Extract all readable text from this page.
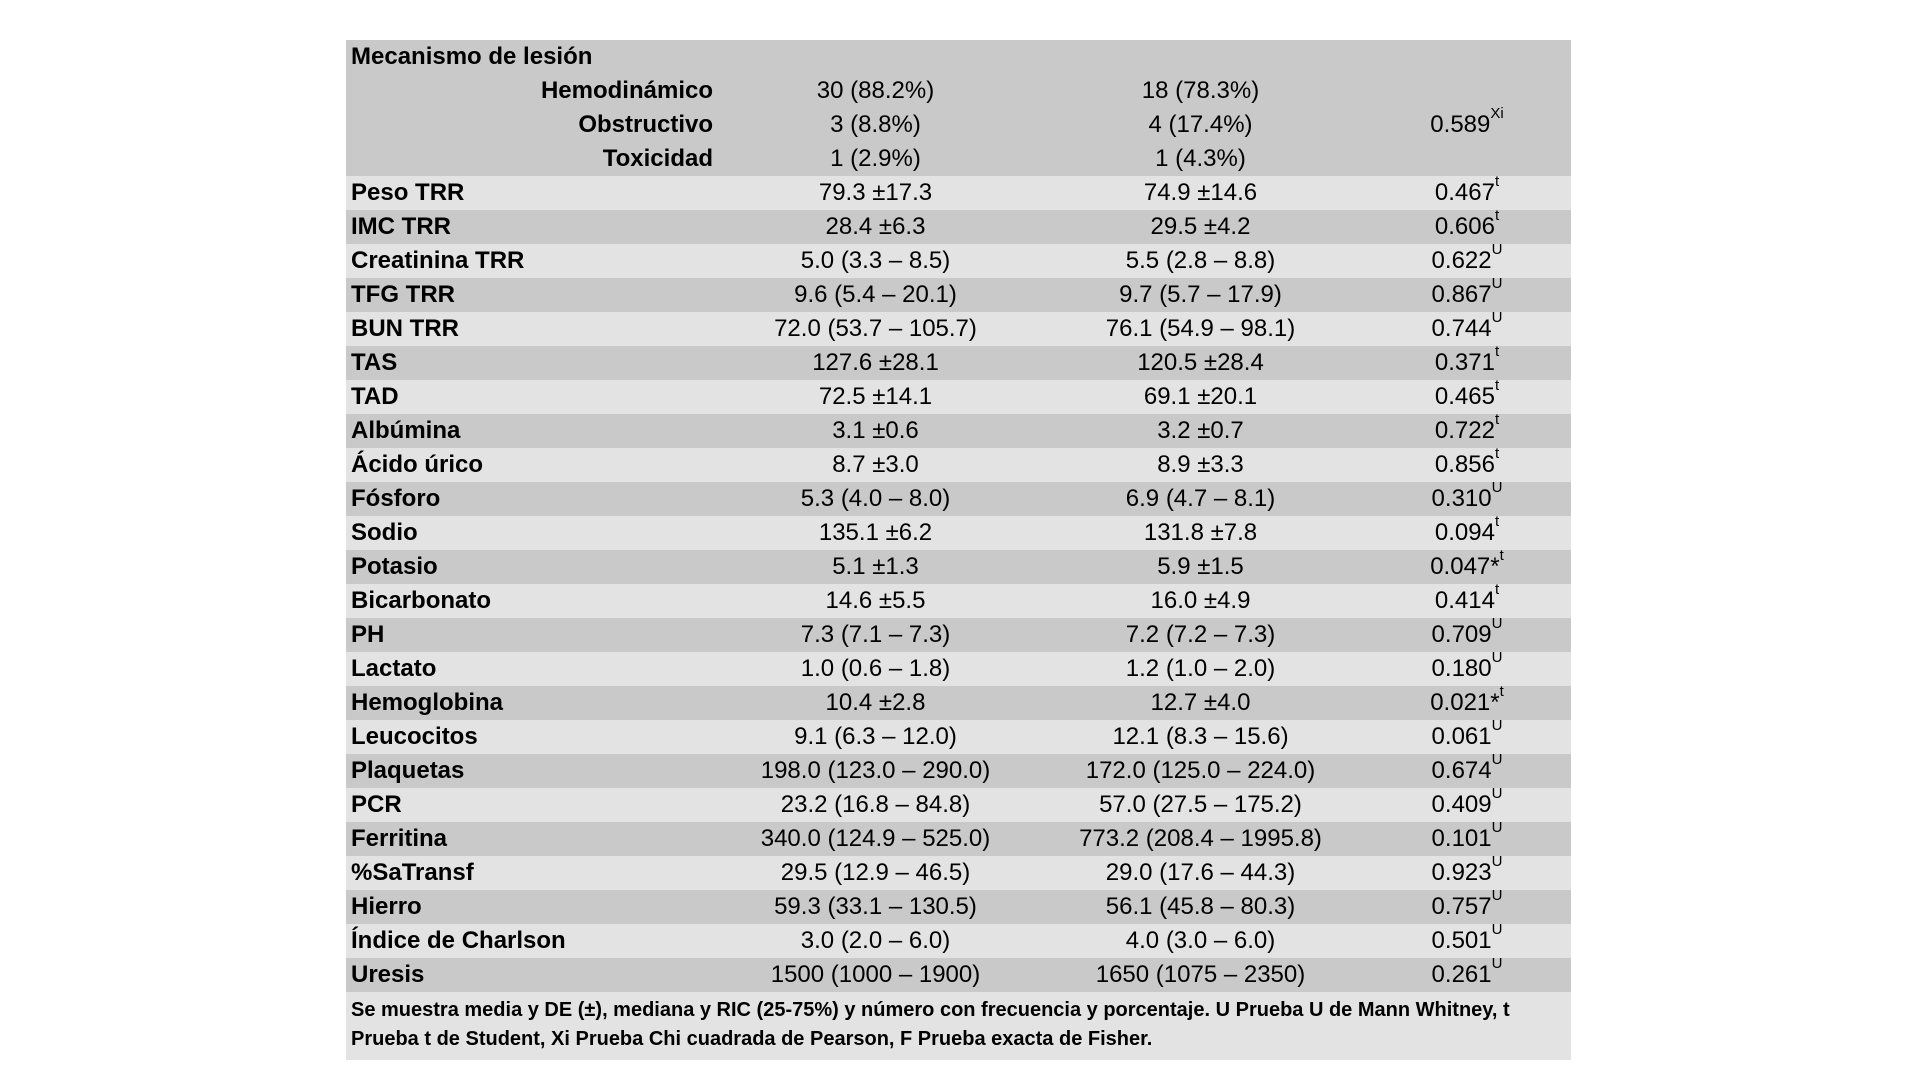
Mecanismo de lesión			
Hemodinámico	30 (88.2%)	18 (78.3%)	$0.589^{Xi}$
Obstructivo	3 (8.8%)	4 (17.4%)	
Toxicidad	1 (2.9%)	1 (4.3%)	
Peso TRR	79.3 ±17.3	74.9 ±14.6	0.467$^t$
IMC TRR	28.4 ±6.3	29.5 ±4.2	0.606$^t$
Creatinina TRR	5.0 (3.3 – 8.5)	5.5 (2.8 – 8.8)	$0.622^U$
TFG TRR	9.6 (5.4 – 20.1)	9.7 (5.7 – 17.9)	$0.867^U$
BUN TRR	72.0 (53.7 – 105.7)	76.1 (54.9 – 98.1)	$0.744^U$
TAS	127.6 ±28.1	120.5 ±28.4	0.371$^t$
TAD	72.5 ±14.1	69.1 ±20.1	0.465$^t$
Albúmina	3.1 ±0.6	3.2 ±0.7	0.722$^t$
Ácido úrico	8.7 ±3.0	8.9 ±3.3	0.856$^t$
Fósforo	5.3 (4.0 – 8.0)	6.9 (4.7 – 8.1)	$0.310^U$
Sodio	135.1 ±6.2	131.8 ±7.8	0.094$^t$
Potasio	5.1 ±1.3	5.9 ±1.5	0.047*$^t$
Bicarbonato	14.6 ±5.5	16.0 ±4.9	0.414$^t$
PH	7.3 (7.1 – 7.3)	7.2 (7.2 – 7.3)	$0.709^U$
Lactato	1.0 (0.6 – 1.8)	1.2 (1.0 – 2.0)	$0.180^U$
Hemoglobina	10.4 ±2.8	12.7 ±4.0	0.021*$^t$
Leucocitos	9.1 (6.3 – 12.0)	12.1 (8.3 – 15.6)	$0.061^U$
Plaquetas	198.0 (123.0 – 290.0)	172.0 (125.0 – 224.0)	$0.674^U$
PCR	23.2 (16.8 – 84.8)	57.0 (27.5 – 175.2)	$0.409^U$
Ferritina	340.0 (124.9 – 525.0)	773.2 (208.4 – 1995.8)	$0.101^U$
%SaTransf	29.5 (12.9 – 46.5)	29.0 (17.6 – 44.3)	$0.923^U$
Hierro	59.3 (33.1 – 130.5)	56.1 (45.8 – 80.3)	$0.757^U$
Índice de Charlson	3.0 (2.0 – 6.0)	4.0 (3.0 – 6.0)	$0.501^U$
Uresis	1500 (1000 – 1900)	1650 (1075 – 2350)	$0.261^U$
Se muestra media y DE (±), mediana y RIC (25-75%) y número con frecuencia y porcentaje. U Prueba U de Mann Whitney, t Prueba t de Student, Xi Prueba Chi cuadrada de Pearson, F Prueba exacta de Fisher.			
